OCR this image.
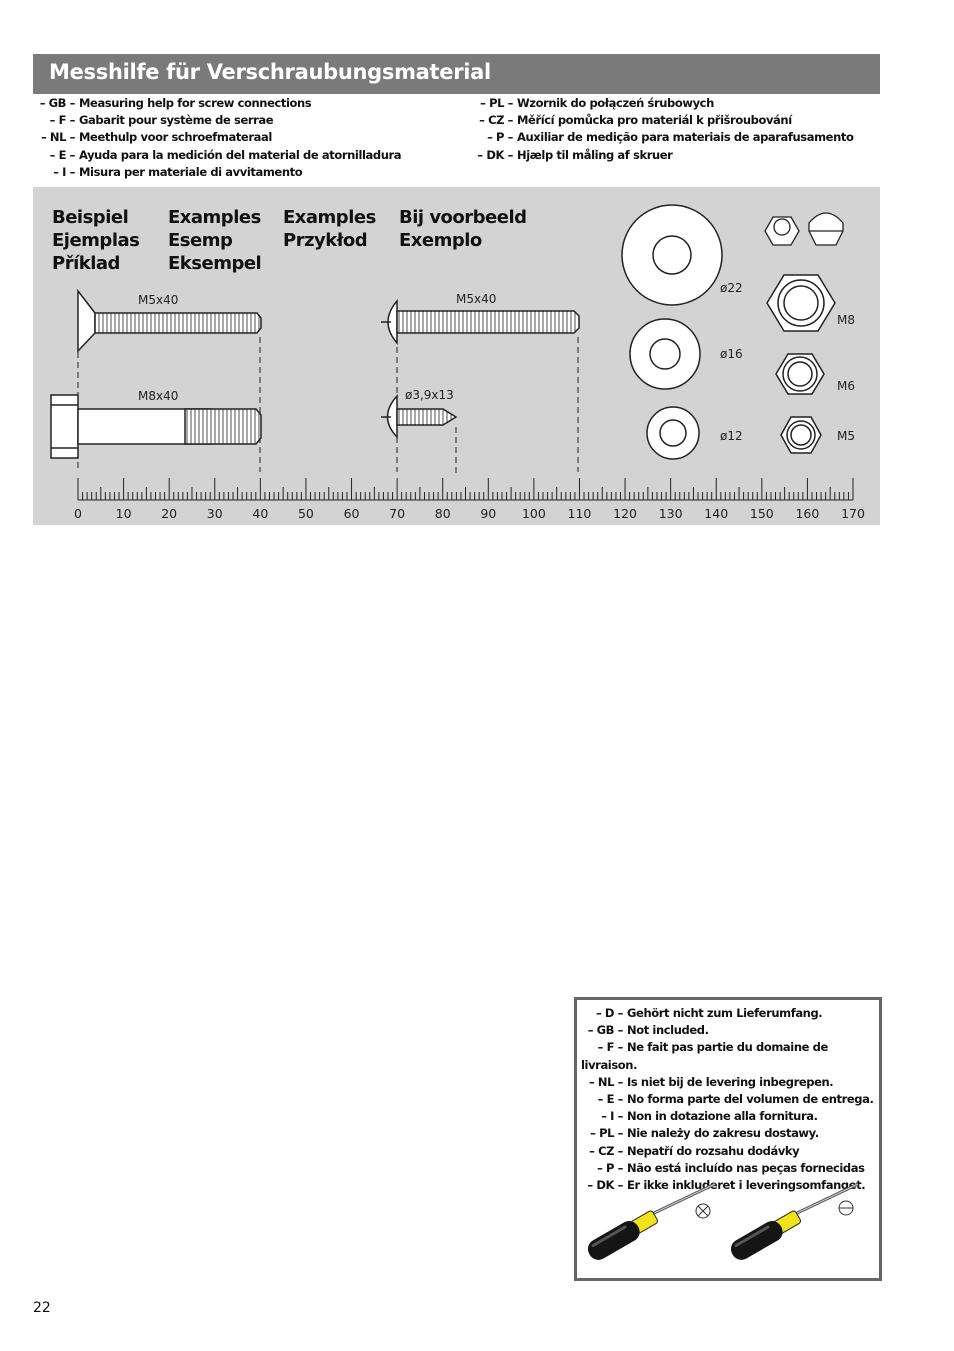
Messhilfe für Verschraubungsmaterial
– GB – Measuring help for screw connections
– F – Gabarit pour système de serrae
– NL – Meethulp voor schroefmateraal
– E – Ayuda para la medición del material de atornilladura
– I – Misura per materiale di avvitamento
– PL – Wzornik do połączeń śrubowych
– CZ – Měřící pomůcka pro materiál k přišroubování
– P – Auxiliar de medição para materiais de aparafusamento
– DK – Hjælp til måling af skruer
Beispiel
Ejemplas
Příklad
Examples
Esemp
Eksempel
Examples
Przykłod
Bij voorbeeld
Exemplo
M5x40
M8x40
M5x40
ø3,9x13
ø22
ø16
ø12
M8
M6
M5
0	10 20 30 40 50 60 70 80 90 100 110 120 130 140 150 160 170
22
– D – Gehört nicht zum Lieferumfang.
– GB – Not included.
– F – Ne fait pas partie du domaine de livraison.
– NL – Is niet bij de levering inbegrepen.
– E – No forma parte del volumen de entrega.
– I – Non in dotazione alla fornitura.
– PL – Nie należy do zakresu dostawy.
– CZ – Nepatří do rozsahu dodávky
– P – Não está incluído nas peças fornecidas
– DK – Er ikke inkluderet i leveringsomfanget.
